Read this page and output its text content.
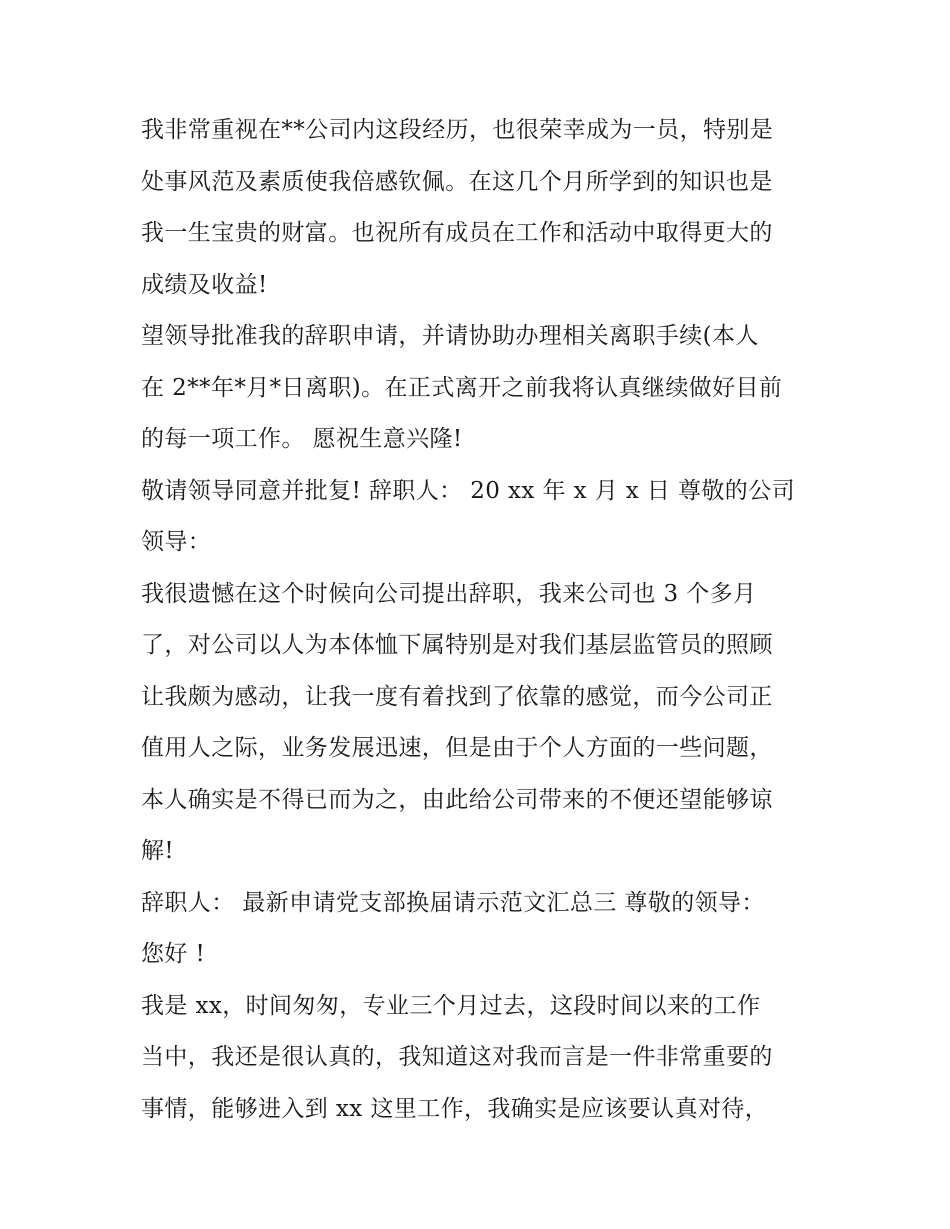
我非常重视在**公司内这段经历，也很荣幸成为一员，特别是
处事风范及素质使我倍感钦佩。在这几个月所学到的知识也是
我一生宝贵的财富。也祝所有成员在工作和活动中取得更大的
成绩及收益!
望领导批准我的辞职申请，并请协助办理相关离职手续(本人
在 2**年*月*日离职)。在正式离开之前我将认真继续做好目前
的每一项工作。 愿祝生意兴隆!
敬请领导同意并批复! 辞职人： 20 xx 年 x 月 x 日 尊敬的公司
领导：
我很遗憾在这个时候向公司提出辞职，我来公司也 3 个多月
了，对公司以人为本体恤下属特别是对我们基层监管员的照顾
让我颇为感动，让我一度有着找到了依靠的感觉，而今公司正
值用人之际，业务发展迅速，但是由于个人方面的一些问题，
本人确实是不得已而为之，由此给公司带来的不便还望能够谅
解!
辞职人： 最新申请党支部换届请示范文汇总三 尊敬的领导：
您好 !
我是 xx，时间匆匆，专业三个月过去，这段时间以来的工作
当中，我还是很认真的，我知道这对我而言是一件非常重要的
事情，能够进入到 xx 这里工作，我确实是应该要认真对待，
